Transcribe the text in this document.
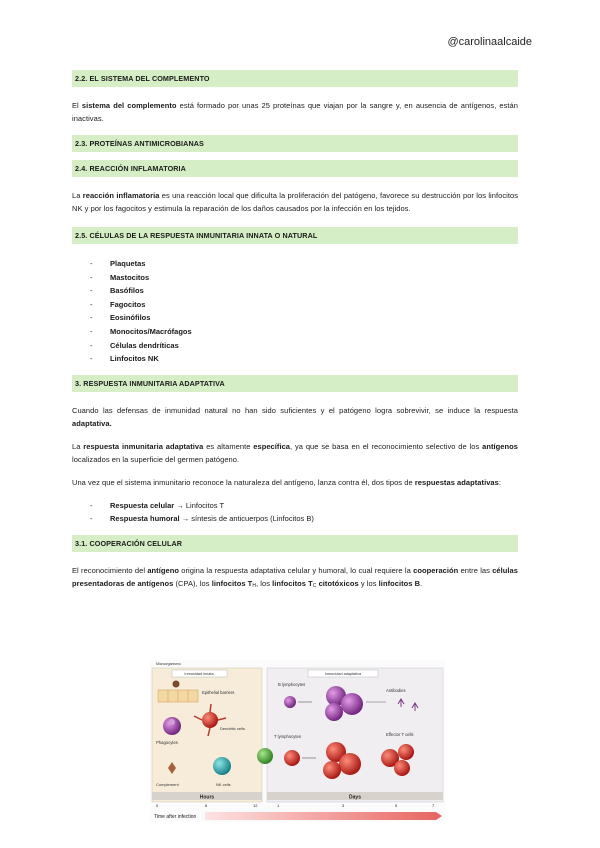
@carolinaalcaide
2.2. EL SISTEMA DEL COMPLEMENTO

El sistema del complemento está formado por unas 25 proteínas que viajan por la sangre y, en ausencia de antígenos, están inactivas.

2.3. PROTEÍNAS ANTIMICROBIANAS
2.4. REACCIÓN INFLAMATORIA

La reacción inflamatoria es una reacción local que dificulta la proliferación del patógeno, favorece su destrucción por los linfocitos NK y por los fagocitos y estimula la reparación de los daños causados por la infección en los tejidos.

2.5. CÉLULAS DE LA RESPUESTA INMUNITARIA INNATA O NATURAL
- Plaquetas
- Mastocitos
- Basófilos
- Fagocitos
- Eosinófilos
- Monocitos/Macrófagos
- Células dendríticas
- Linfocitos NK
3. RESPUESTA INMUNITARIA ADAPTATIVA

Cuando las defensas de inmunidad natural no han sido suficientes y el patógeno logra sobrevivir, se induce la respuesta adaptativa.

La respuesta inmunitaria adaptativa es altamente específica, ya que se basa en el reconocimiento selectivo de los antígenos localizados en la superficie del germen patógeno.

Una vez que el sistema inmunitario reconoce la naturaleza del antígeno, lanza contra él, dos tipos de respuestas adaptativas:

- Respuesta celular → Linfocitos T
- Respuesta humoral → síntesis de anticuerpos (Linfocitos B)
3.1. COOPERACIÓN CELULAR

El reconocimiento del antígeno origina la respuesta adaptativa celular y humoral, lo cual requiere la cooperación entre las células presentadoras de antígenos (CPA), los linfocitos $T_H$, los linfocitos $T_C$ citotóxicos y los linfocitos B.

Microorganismo
Inmunidad innata	Inmunidad adaptativa
Epithelial barriers
Phagocytes
Dendritic cells
Complement	NK cells
B lymphocytes
Antibodies
T lymphocytes	Effector T cells
Hours	Days
0	6	12	1	3	5	7
Time after infection
